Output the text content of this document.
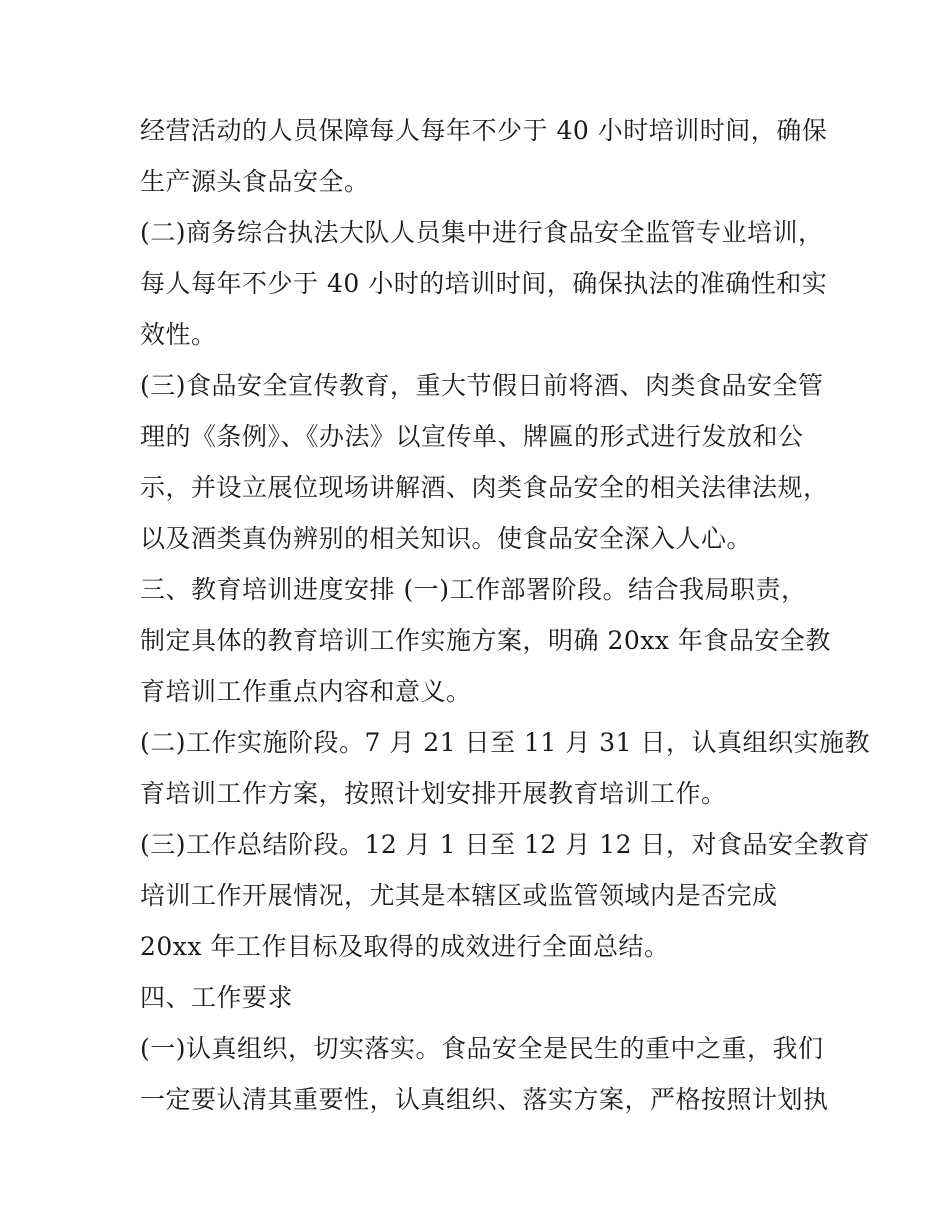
经营活动的人员保障每人每年不少于 40 小时培训时间，确保
生产源头食品安全。
(二)商务综合执法大队人员集中进行食品安全监管专业培训，
每人每年不少于 40 小时的培训时间，确保执法的准确性和实
效性。
(三)食品安全宣传教育，重大节假日前将酒、肉类食品安全管
理的《条例》、《办法》以宣传单、牌匾的形式进行发放和公
示，并设立展位现场讲解酒、肉类食品安全的相关法律法规，
以及酒类真伪辨别的相关知识。使食品安全深入人心。
三、教育培训进度安排 (一)工作部署阶段。结合我局职责，
制定具体的教育培训工作实施方案，明确 20xx 年食品安全教
育培训工作重点内容和意义。
(二)工作实施阶段。7 月 21 日至 11 月 31 日，认真组织实施教
育培训工作方案，按照计划安排开展教育培训工作。
(三)工作总结阶段。12 月 1 日至 12 月 12 日，对食品安全教育
培训工作开展情况，尤其是本辖区或监管领域内是否完成
20xx 年工作目标及取得的成效进行全面总结。
四、工作要求
(一)认真组织，切实落实。食品安全是民生的重中之重，我们
一定要认清其重要性，认真组织、落实方案，严格按照计划执
